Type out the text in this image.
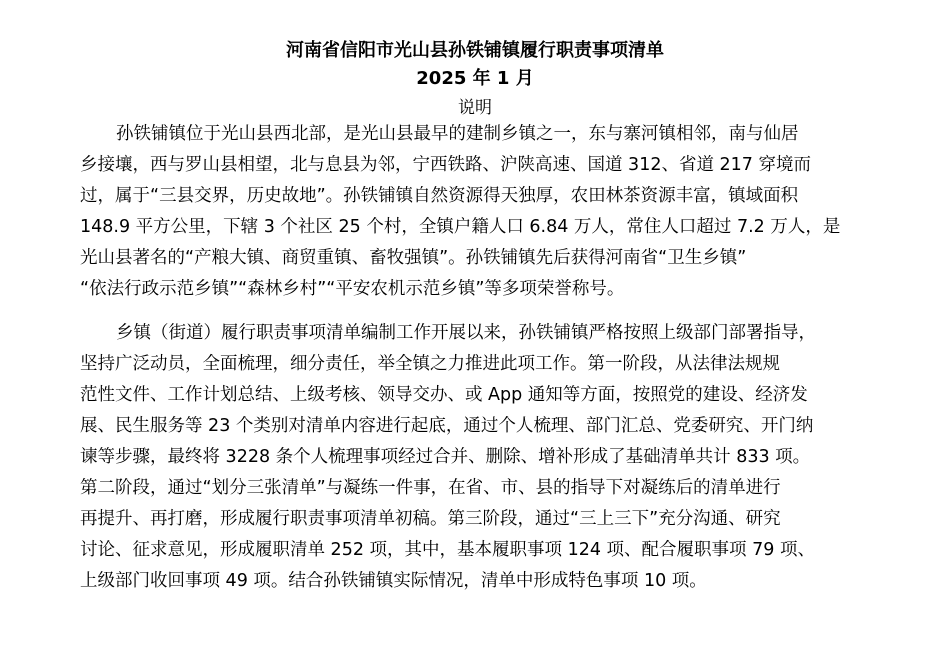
河南省信阳市光山县孙铁铺镇履行职责事项清单
2025 年 1 月
说明
孙铁铺镇位于光山县西北部，是光山县最早的建制乡镇之一，东与寨河镇相邻，南与仙居
乡接壤，西与罗山县相望，北与息县为邻，宁西铁路、沪陕高速、国道 312、省道 217 穿境而
过，属于“三县交界，历史故地”。孙铁铺镇自然资源得天独厚，农田林茶资源丰富，镇域面积
148.9 平方公里，下辖 3 个社区 25 个村，全镇户籍人口 6.84 万人，常住人口超过 7.2 万人，是
光山县著名的“产粮大镇、商贸重镇、畜牧强镇”。孙铁铺镇先后获得河南省“卫生乡镇”
“依法行政示范乡镇”“森林乡村”“平安农机示范乡镇”等多项荣誉称号。
乡镇（街道）履行职责事项清单编制工作开展以来，孙铁铺镇严格按照上级部门部署指导，
坚持广泛动员，全面梳理，细分责任，举全镇之力推进此项工作。第一阶段，从法律法规规
范性文件、工作计划总结、上级考核、领导交办、或 App 通知等方面，按照党的建设、经济发
展、民生服务等 23 个类别对清单内容进行起底，通过个人梳理、部门汇总、党委研究、开门纳
谏等步骤，最终将 3228 条个人梳理事项经过合并、删除、增补形成了基础清单共计 833 项。
第二阶段，通过“划分三张清单”与凝练一件事，在省、市、县的指导下对凝练后的清单进行
再提升、再打磨，形成履行职责事项清单初稿。第三阶段，通过“三上三下”充分沟通、研究
讨论、征求意见，形成履职清单 252 项，其中，基本履职事项 124 项、配合履职事项 79 项、
上级部门收回事项 49 项。结合孙铁铺镇实际情况，清单中形成特色事项 10 项。
